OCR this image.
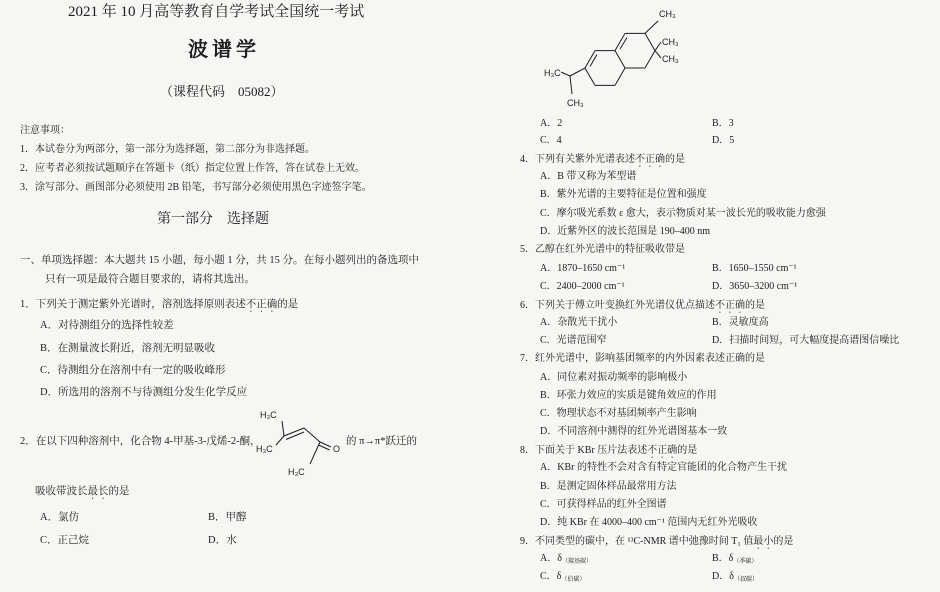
2021 年 10 月高等教育自学考试全国统一考试
波谱学
（课程代码　05082）
注意事项：
1．本试卷分为两部分，第一部分为选择题，第二部分为非选择题。
2．应考者必须按试题顺序在答题卡（纸）指定位置上作答，答在试卷上无效。
3．涂写部分、画图部分必须使用 2B 铅笔，书写部分必须使用黑色字迹签字笔。
第一部分　选择题
一、单项选择题：本大题共 15 小题，每小题 1 分，共 15 分。在每小题列出的备选项中
只有一项是最符合题目要求的，请将其选出。
1．下列关于测定紫外光谱时，溶剂选择原则表述不正确的是
A．对待测组分的选择性较差
B．在测量波长附近，溶剂无明显吸收
C．待测组分在溶剂中有一定的吸收峰形
D．所选用的溶剂不与待测组分发生化学反应
2．在以下四种溶剂中，化合物 4-甲基-3-戊烯-2-酮，
H₃C
H₃C	O
H₃C
的 π→π*跃迁的
吸收带波长最长的是
A．氯仿	B．甲醇
C．正己烷	D．水
CH₃
CH₃
CH₃
H₃C
CH₃
A．2	B．3
C．4	D．5
4．下列有关紫外光谱表述不正确的是
A．B 带又称为苯型谱
B．紫外光谱的主要特征是位置和强度
C．摩尔吸光系数 ε 愈大，表示物质对某一波长光的吸收能力愈强
D．近紫外区的波长范围是 190–400 nm
5．乙醇在红外光谱中的特征吸收带是
A．1870–1650 cm⁻¹	B．1650–1550 cm⁻¹
C．2400–2000 cm⁻¹	D．3650–3200 cm⁻¹
6．下列关于傅立叶变换红外光谱仪优点描述不正确的是
A．杂散光干扰小	B．灵敏度高
C．光谱范围窄	D．扫描时间短，可大幅度提高谱图信噪比
7．红外光谱中，影响基团频率的内外因素表述正确的是
A．同位素对振动频率的影响极小
B．环张力效应的实质是键角效应的作用
C．物理状态不对基团频率产生影响
D．不同溶剂中测得的红外光谱图基本一致
8．下面关于 KBr 压片法表述不正确的是
A．KBr 的特性不会对含有特定官能团的化合物产生干扰
B．是测定固体样品最常用方法
C．可获得样品的红外全图谱
D．纯 KBr 在 4000–400 cm⁻¹ 范围内无红外光吸收
9．不同类型的碳中，在 ¹³C-NMR 谱中弛豫时间 T₁ 值最小的是
A．$\delta_{(羰基碳)}$	B．$\delta_{(季碳)}$
C．$\delta_{(伯碳)}$	D．$\delta_{(叔碳)}$
